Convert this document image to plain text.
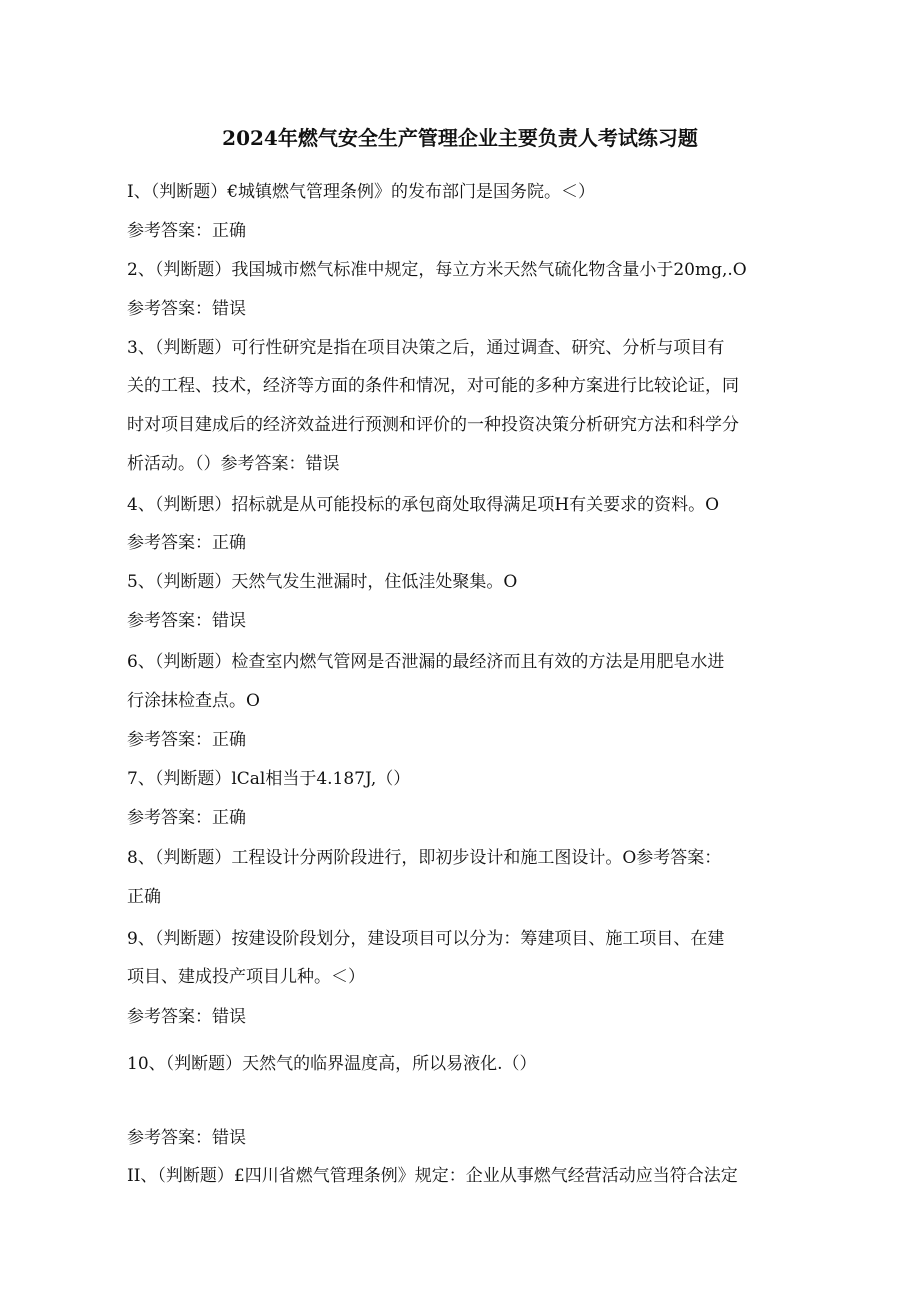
2024年燃气安全生产管理企业主要负责人考试练习题
I、（判断题）€城镇燃气管理条例》的发布部门是国务院。＜）
参考答案：正确
2、（判断题）我国城市燃气标准中规定，每立方米天然气硫化物含量小于20mg,.O
参考答案：错误
3、（判断题）可行性研究是指在项目决策之后，通过调查、研究、分析与项目有
关的工程、技术，经济等方面的条件和情况，对可能的多种方案进行比较论证，同
时对项目建成后的经济效益进行预测和评价的一种投资决策分析研究方法和科学分
析活动。（）参考答案：错误
4、（判断愳）招标就是从可能投标的承包商处取得满足项H有关要求的资料。O
参考答案：正确
5、（判断题）天然气发生泄漏时，住低洼处聚集。O
参考答案：错误
6、（判断题）检查室内燃气管网是否泄漏的最经济而且有效的方法是用肥皂水进
行涂抹检查点。O
参考答案：正确
7、（判断题）lCal相当于4.187J,（）
参考答案：正确
8、（判断题）工程设计分两阶段进行，即初步设计和施工图设计。O参考答案：
正确
9、（判断题）按建设阶段划分，建设项目可以分为：筹建项目、施工项目、在建
项目、建成投产项目儿种。＜）
参考答案：错误
10、（判断题）天然气的临界温度高，所以易液化.（）
参考答案：错误
II、（判断题）£四川省燃气管理条例》规定：企业从事燃气经营活动应当符合法定
